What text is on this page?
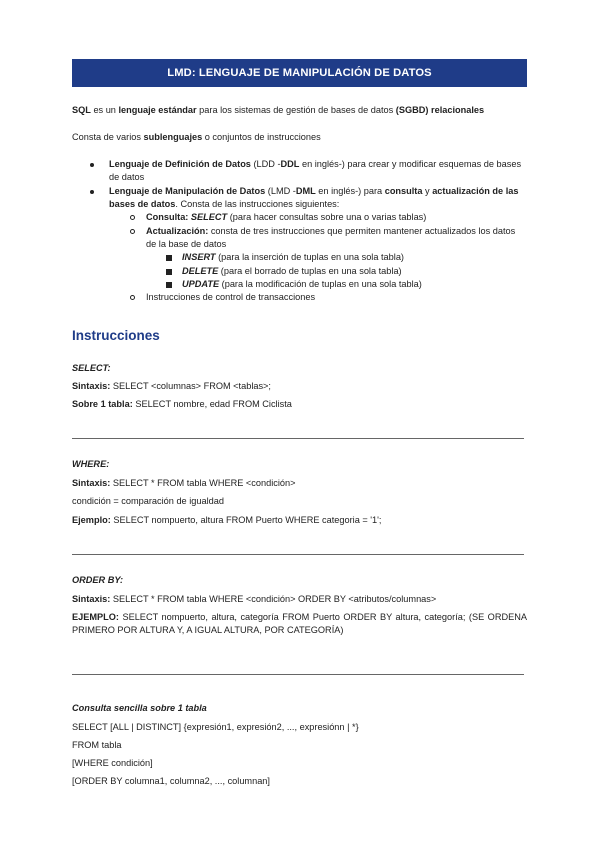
LMD: LENGUAJE DE MANIPULACIÓN DE DATOS

SQL es un lenguaje estándar para los sistemas de gestión de bases de datos (SGBD) relacionales

Consta de varios sublenguajes o conjuntos de instrucciones

Lenguaje de Definición de Datos (LDD -DDL en inglés-) para crear y modificar esquemas de bases de datos
Lenguaje de Manipulación de Datos (LMD -DML en inglés-) para consulta y actualización de las bases de datos. Consta de las instrucciones siguientes:
Consulta: SELECT (para hacer consultas sobre una o varias tablas)
Actualización: consta de tres instrucciones que permiten mantener actualizados los datos de la base de datos
INSERT (para la inserción de tuplas en una sola tabla)
DELETE (para el borrado de tuplas en una sola tabla)
UPDATE (para la modificación de tuplas en una sola tabla)
Instrucciones de control de transacciones
Instrucciones
SELECT:
Sintaxis: SELECT <columnas> FROM <tablas>;
Sobre 1 tabla: SELECT nombre, edad FROM Ciclista
WHERE:
Sintaxis: SELECT * FROM tabla WHERE <condición>
condición = comparación de igualdad
Ejemplo: SELECT nompuerto, altura FROM Puerto WHERE categoria = '1';
ORDER BY:
Sintaxis: SELECT * FROM tabla WHERE <condición> ORDER BY <atributos/columnas>
EJEMPLO: SELECT nompuerto, altura, categoría FROM Puerto ORDER BY altura, categoría; (SE ORDENA PRIMERO POR ALTURA Y, A IGUAL ALTURA, POR CATEGORÍA)
Consulta sencilla sobre 1 tabla
SELECT [ALL | DISTINCT] {expresión1, expresión2, ..., expresiónn | *}
FROM tabla
[WHERE condición]
[ORDER BY columna1, columna2, ..., columnan]
